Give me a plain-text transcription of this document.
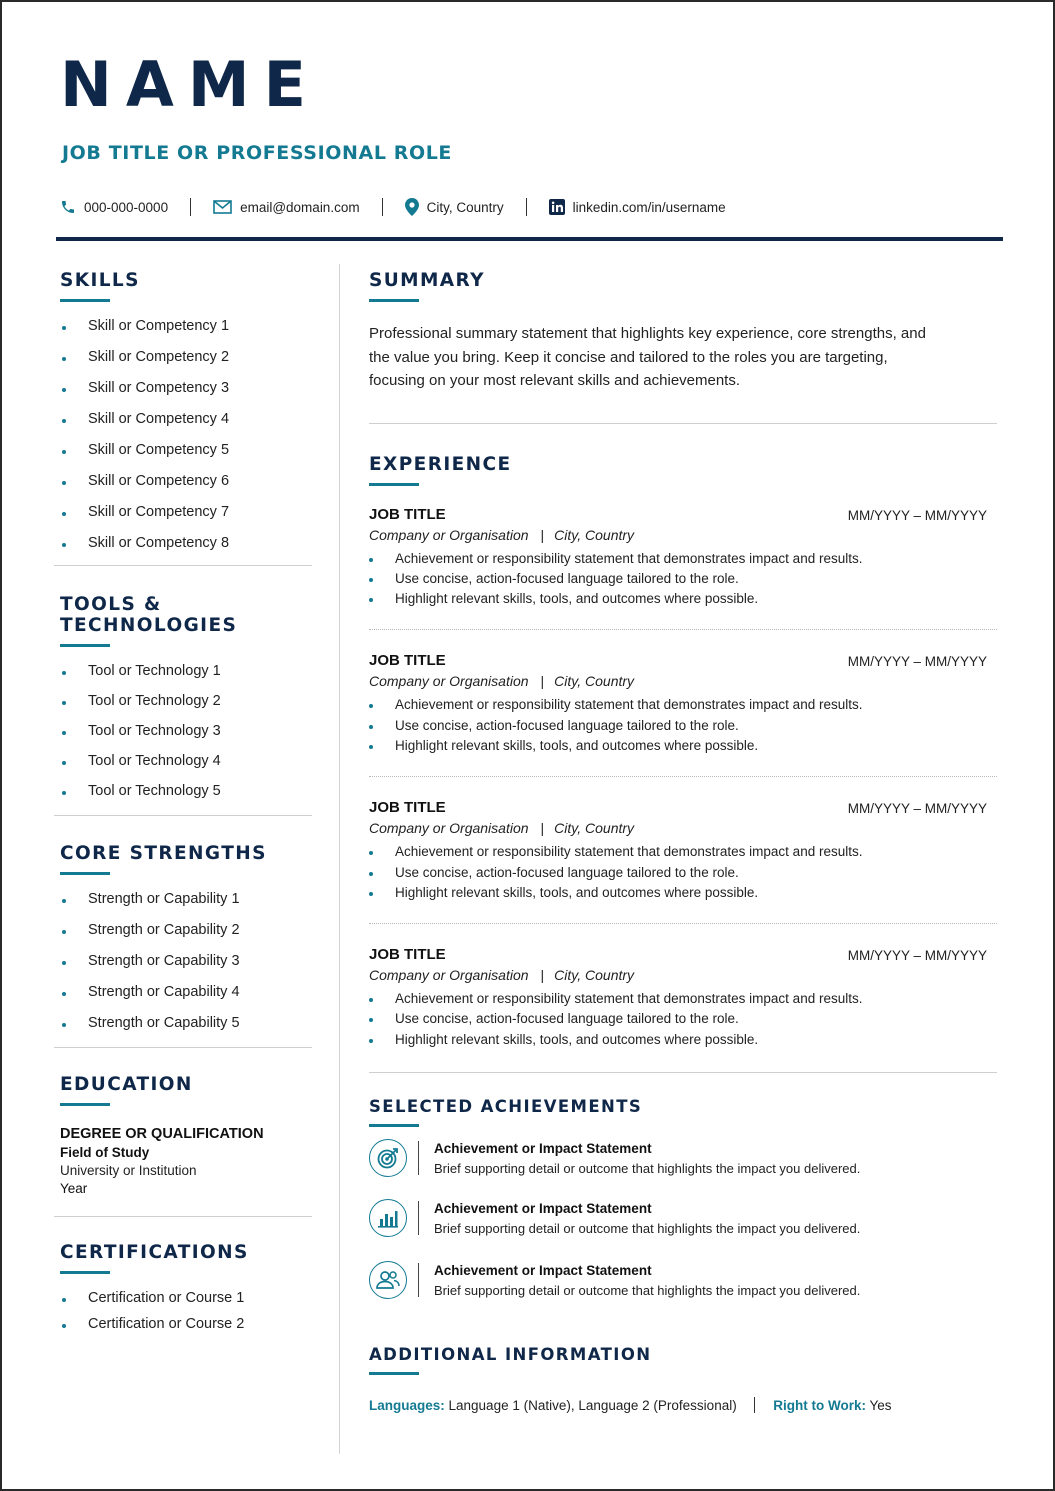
NAME
JOB TITLE OR PROFESSIONAL ROLE
000-000-0000	email@domain.com	City, Country	linkedin.com/in/username
SKILLS
Skill or Competency 1
Skill or Competency 2
Skill or Competency 3
Skill or Competency 4
Skill or Competency 5
Skill or Competency 6
Skill or Competency 7
Skill or Competency 8
TOOLS & TECHNOLOGIES
Tool or Technology 1
Tool or Technology 2
Tool or Technology 3
Tool or Technology 4
Tool or Technology 5
CORE STRENGTHS
Strength or Capability 1
Strength or Capability 2
Strength or Capability 3
Strength or Capability 4
Strength or Capability 5
EDUCATION
DEGREE OR QUALIFICATION
Field of Study
University or Institution
Year
CERTIFICATIONS
Certification or Course 1
Certification or Course 2
SUMMARY
Professional summary statement that highlights key experience, core strengths, and the value you bring. Keep it concise and tailored to the roles you are targeting, focusing on your most relevant skills and achievements.
EXPERIENCE
JOB TITLE	MM/YYYY – MM/YYYY
Company or Organisation | City, Country
Achievement or responsibility statement that demonstrates impact and results.
Use concise, action-focused language tailored to the role.
Highlight relevant skills, tools, and outcomes where possible.
JOB TITLE	MM/YYYY – MM/YYYY
Company or Organisation | City, Country
Achievement or responsibility statement that demonstrates impact and results.
Use concise, action-focused language tailored to the role.
Highlight relevant skills, tools, and outcomes where possible.
JOB TITLE	MM/YYYY – MM/YYYY
Company or Organisation | City, Country
Achievement or responsibility statement that demonstrates impact and results.
Use concise, action-focused language tailored to the role.
Highlight relevant skills, tools, and outcomes where possible.
JOB TITLE	MM/YYYY – MM/YYYY
Company or Organisation | City, Country
Achievement or responsibility statement that demonstrates impact and results.
Use concise, action-focused language tailored to the role.
Highlight relevant skills, tools, and outcomes where possible.
SELECTED ACHIEVEMENTS
Achievement or Impact Statement
Brief supporting detail or outcome that highlights the impact you delivered.
Achievement or Impact Statement
Brief supporting detail or outcome that highlights the impact you delivered.
Achievement or Impact Statement
Brief supporting detail or outcome that highlights the impact you delivered.
ADDITIONAL INFORMATION
Languages: Language 1 (Native), Language 2 (Professional)	Right to Work: Yes
